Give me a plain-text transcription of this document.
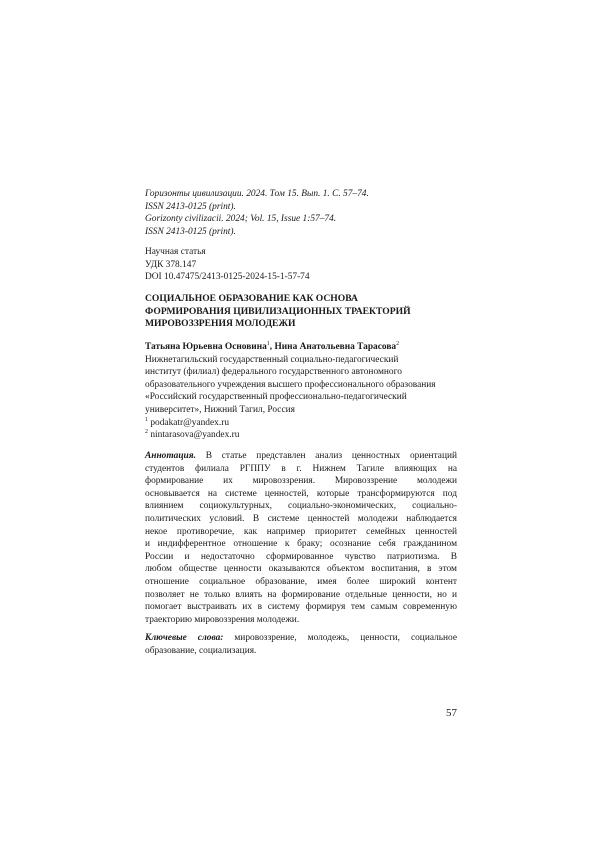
Горизонты цивилизации. 2024. Том 15. Вып. 1. С. 57–74.
ISSN 2413-0125 (print).
Gorizonty civilizacii. 2024; Vol. 15, Issue 1:57–74.
ISSN 2413-0125 (print).
Научная статья
УДК 378.147
DOI 10.47475/2413-0125-2024-15-1-57-74
СОЦИАЛЬНОЕ ОБРАЗОВАНИЕ КАК ОСНОВА
ФОРМИРОВАНИЯ ЦИВИЛИЗАЦИОННЫХ ТРАЕКТОРИЙ
МИРОВОЗЗРЕНИЯ МОЛОДЕЖИ
Татьяна Юрьевна Основина$^1$, Нина Анатольевна Тарасова$^2$
Нижнетагильский государственный социально-педагогический
институт (филиал) федерального государственного автономного
образовательного учреждения высшего профессионального образования
«Российский государственный профессионально-педагогический
университет», Нижний Тагил, Россия
$^1$ podakatr@yandex.ru
$^2$ nintarasova@yandex.ru
Аннотация. В статье представлен анализ ценностных ориентаций
студентов филиала РГППУ в г. Нижнем Тагиле влияющих на
формирование их мировоззрения. Мировоззрение молодежи
основывается на системе ценностей, которые трансформируются под
влиянием социокультурных, социально-экономических, социально-
политических условий. В системе ценностей молодежи наблюдается
некое противоречие, как например приоритет семейных ценностей
и индифферентное отношение к браку; осознание себя гражданином
России и недостаточно сформированное чувство патриотизма. В
любом обществе ценности оказываются объектом воспитания, в этом
отношение социальное образование, имея более широкий контент
позволяет не только влиять на формирование отдельные ценности, но и
помогает выстраивать их в систему формируя тем самым современную
траекторию мировоззрения молодежи.
Ключевые слова: мировоззрение, молодежь, ценности, социальное
образование, социализация.
57
